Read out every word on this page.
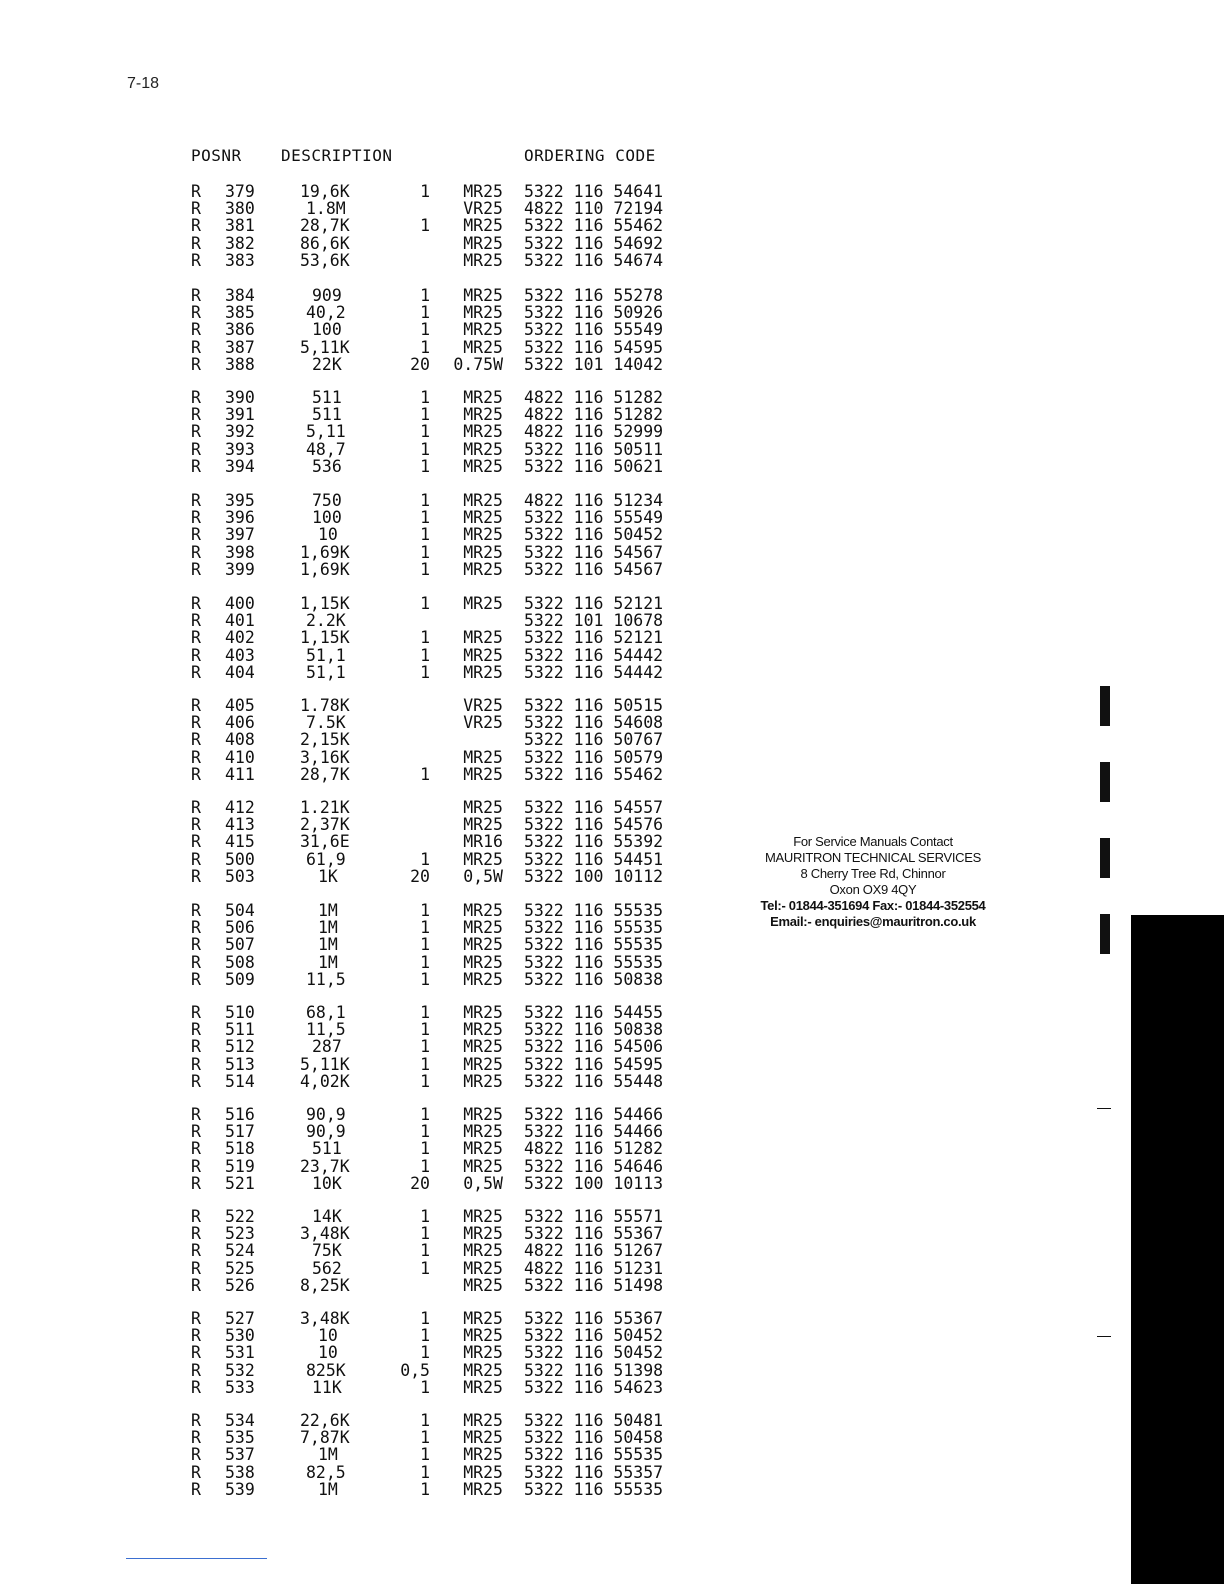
7-18
POSNR DESCRIPTION	ORDERING CODE
R 379	19,6K	1	MR25 5322 116 54641
R 380	1.8M	VR25 4822 110 72194
R 381	28,7K	1	MR25 5322 116 55462
R 382	86,6K	MR25 5322 116 54692
R 383	53,6K	MR25 5322 116 54674
R 384	909	1	MR25 5322 116 55278
R 385	40,2	1	MR25 5322 116 50926
R 386	100	1	MR25 5322 116 55549
R 387	5,11K	1	MR25 5322 116 54595
R 388	22K	20 0.75W 5322 101 14042
R 390	511	1	MR25 4822 116 51282
R 391	511	1	MR25 4822 116 51282
R 392	5,11	1	MR25 4822 116 52999
R 393	48,7	1	MR25 5322 116 50511
R 394	536	1	MR25 5322 116 50621
R 395	750	1	MR25 4822 116 51234
R 396	100	1	MR25 5322 116 55549
R 397	10	1	MR25 5322 116 50452
R 398	1,69K	1	MR25 5322 116 54567
R 399	1,69K	1	MR25 5322 116 54567
R 400	1,15K	1	MR25 5322 116 52121
R 401	2.2K	5322 101 10678
R 402	1,15K	1	MR25 5322 116 52121
R 403	51,1	1	MR25 5322 116 54442
R 404	51,1	1	MR25 5322 116 54442
R 405	1.78K	VR25 5322 116 50515
R 406	7.5K	VR25 5322 116 54608
R 408	2,15K	5322 116 50767
R 410	3,16K	MR25 5322 116 50579
R 411	28,7K	1	MR25 5322 116 55462
R 412	1.21K	MR25 5322 116 54557
R 413	2,37K	MR25 5322 116 54576
R 415	31,6E	MR16 5322 116 55392
R 500	61,9	1	MR25 5322 116 54451
R 503	1K	20	0,5W 5322 100 10112
R 504	1M	1	MR25 5322 116 55535
R 506	1M	1	MR25 5322 116 55535
R 507	1M	1	MR25 5322 116 55535
R 508	1M	1	MR25 5322 116 55535
R 509	11,5	1	MR25 5322 116 50838
R 510	68,1	1	MR25 5322 116 54455
R 511	11,5	1	MR25 5322 116 50838
R 512	287	1	MR25 5322 116 54506
R 513	5,11K	1	MR25 5322 116 54595
R 514	4,02K	1	MR25 5322 116 55448
R 516	90,9	1	MR25 5322 116 54466
R 517	90,9	1	MR25 5322 116 54466
R 518	511	1	MR25 4822 116 51282
R 519	23,7K	1	MR25 5322 116 54646
R 521	10K	20	0,5W 5322 100 10113
R 522	14K	1	MR25 5322 116 55571
R 523	3,48K	1	MR25 5322 116 55367
R 524	75K	1	MR25 4822 116 51267
R 525	562	1	MR25 4822 116 51231
R 526	8,25K	MR25 5322 116 51498
R 527	3,48K	1	MR25 5322 116 55367
R 530	10	1	MR25 5322 116 50452
R 531	10	1	MR25 5322 116 50452
R 532	825K	0,5	MR25 5322 116 51398
R 533	11K	1	MR25 5322 116 54623
R 534	22,6K	1	MR25 5322 116 50481
R 535	7,87K	1	MR25 5322 116 50458
R 537	1M	1	MR25 5322 116 55535
R 538	82,5	1	MR25 5322 116 55357
R 539	1M	1	MR25 5322 116 55535
For Service Manuals Contact
MAURITRON TECHNICAL SERVICES
8 Cherry Tree Rd, Chinnor
Oxon OX9 4QY
Tel:- 01844-351694 Fax:- 01844-352554
Email:- enquiries@mauritron.co.uk
